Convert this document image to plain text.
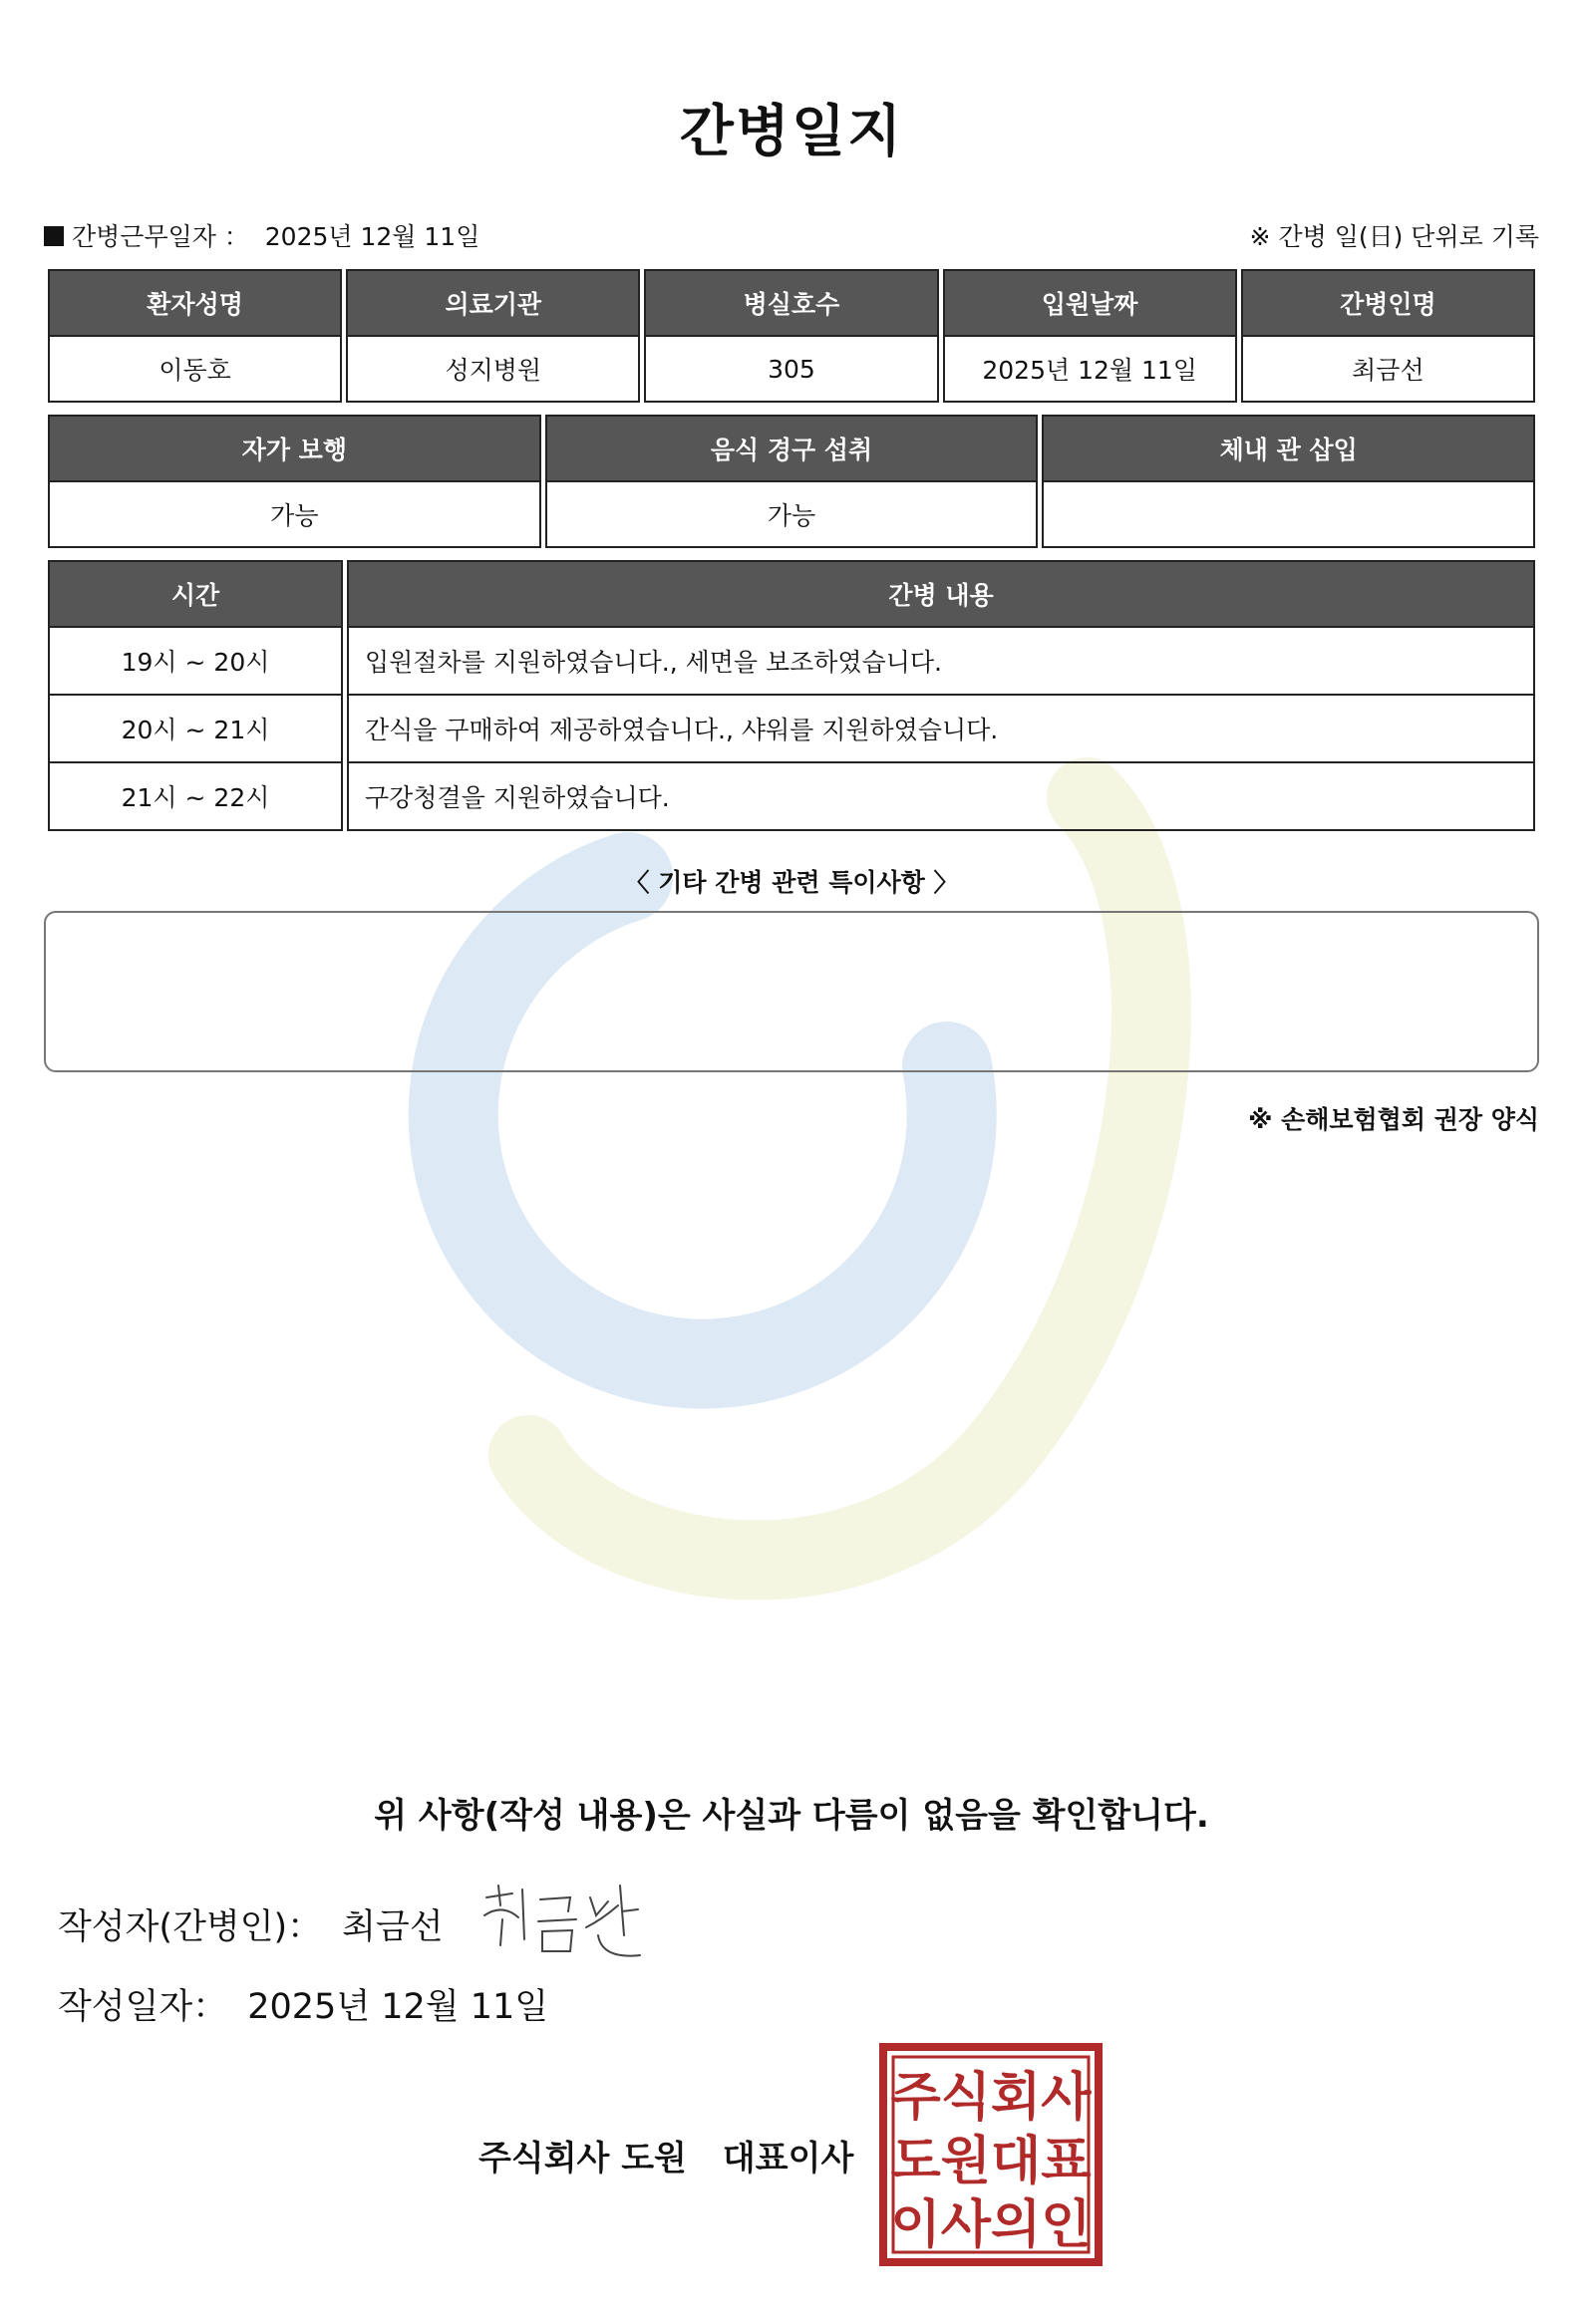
간병일지
간병근무일자 ： 2025년 12월 11일	※ 간병 일(日) 단위로 기록
환자성명	의료기관	병실호수	입원날짜	간병인명
이동호	성지병원	305	2025년 12월 11일	최금선
자가 보행	음식 경구 섭취	체내 관 삽입
가능	가능	
시간	간병 내용
19시 ~ 20시	입원절차를 지원하였습니다., 세면을 보조하였습니다.
20시 ~ 21시	간식을 구매하여 제공하였습니다., 샤워를 지원하였습니다.
21시 ~ 22시	구강청결을 지원하였습니다.
〈 기타 간병 관련 특이사항 〉
※ 손해보험협회 권장 양식
위 사항(작성 내용)은 사실과 다름이 없음을 확인합니다.
작성자(간병인)： 최금선
작성일자： 2025년 12월 11일
주식회사 도원 대표이사
주식회사
도원대표
이사의인
